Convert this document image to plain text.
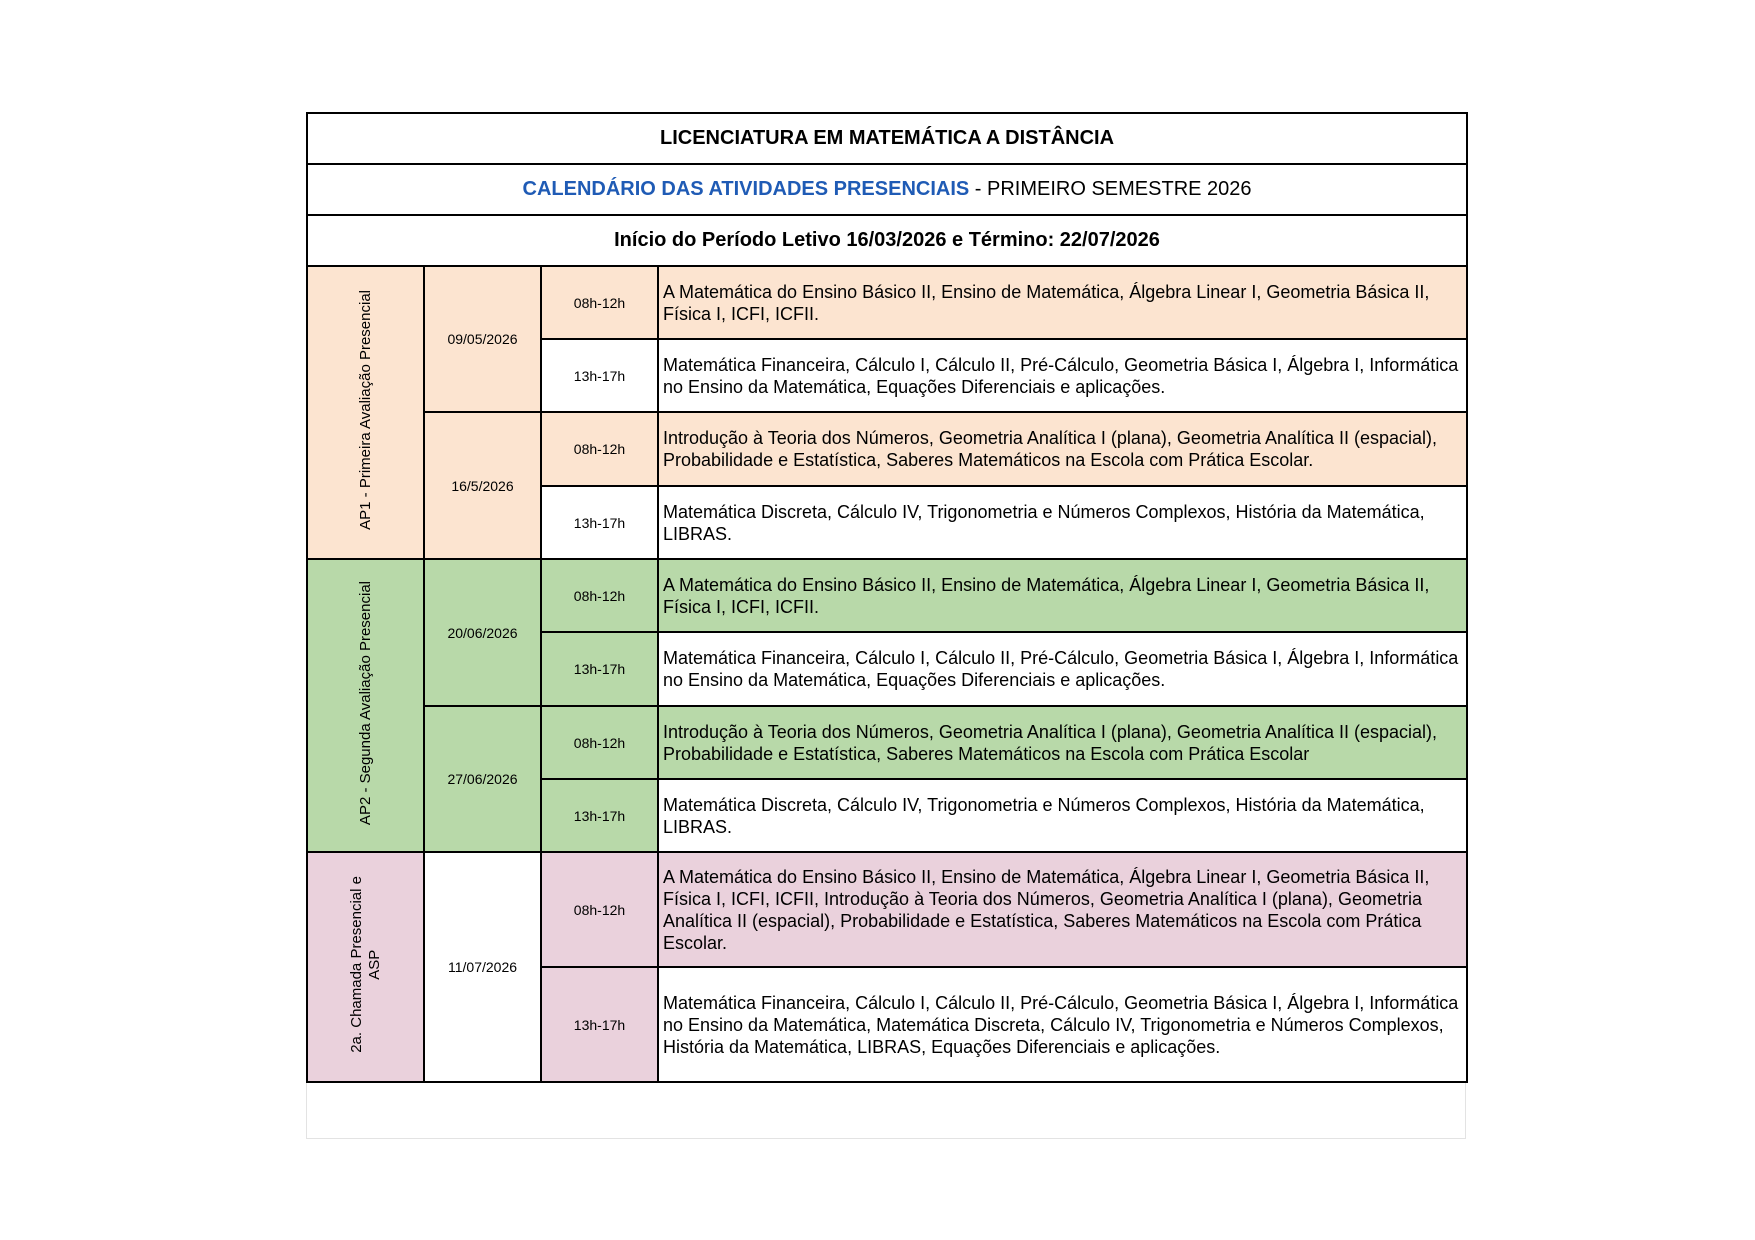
LICENCIATURA EM MATEMÁTICA A DISTÂNCIA			
CALENDÁRIO DAS ATIVIDADES PRESENCIAIS - PRIMEIRO SEMESTRE 2026			
Início do Período Letivo 16/03/2026 e Término: 22/07/2026			
AP1 - Primeira Avaliação Presencial	09/05/2026	08h-12h	A Matemática do Ensino Básico II, Ensino de Matemática, Álgebra Linear I, Geometria Básica II, Física I, ICFI, ICFII.
		13h-17h	Matemática Financeira, Cálculo I, Cálculo II, Pré-Cálculo, Geometria Básica I, Álgebra I, Informática no Ensino da Matemática, Equações Diferenciais e aplicações.
	16/5/2026	08h-12h	Introdução à Teoria dos Números, Geometria Analítica I (plana), Geometria Analítica II (espacial), Probabilidade e Estatística, Saberes Matemáticos na Escola com Prática Escolar.
		13h-17h	Matemática Discreta, Cálculo IV, Trigonometria e Números Complexos, História da Matemática, LIBRAS.
AP2 - Segunda Avaliação Presencial	20/06/2026	08h-12h	A Matemática do Ensino Básico II, Ensino de Matemática, Álgebra Linear I, Geometria Básica II, Física I, ICFI, ICFII.
		13h-17h	Matemática Financeira, Cálculo I, Cálculo II, Pré-Cálculo, Geometria Básica I, Álgebra I, Informática no Ensino da Matemática, Equações Diferenciais e aplicações.
	27/06/2026	08h-12h	Introdução à Teoria dos Números, Geometria Analítica I (plana), Geometria Analítica II (espacial), Probabilidade e Estatística, Saberes Matemáticos na Escola com Prática Escolar
		13h-17h	Matemática Discreta, Cálculo IV, Trigonometria e Números Complexos, História da Matemática, LIBRAS.
2a. Chamada Presencial e
ASP	11/07/2026	08h-12h	A Matemática do Ensino Básico II, Ensino de Matemática, Álgebra Linear I, Geometria Básica II, Física I, ICFI, ICFII, Introdução à Teoria dos Números, Geometria Analítica I (plana), Geometria Analítica II (espacial), Probabilidade e Estatística, Saberes Matemáticos na Escola com Prática Escolar.
		13h-17h	Matemática Financeira, Cálculo I, Cálculo II, Pré-Cálculo, Geometria Básica I, Álgebra I, Informática no Ensino da Matemática, Matemática Discreta, Cálculo IV, Trigonometria e Números Complexos, História da Matemática, LIBRAS, Equações Diferenciais e aplicações.
